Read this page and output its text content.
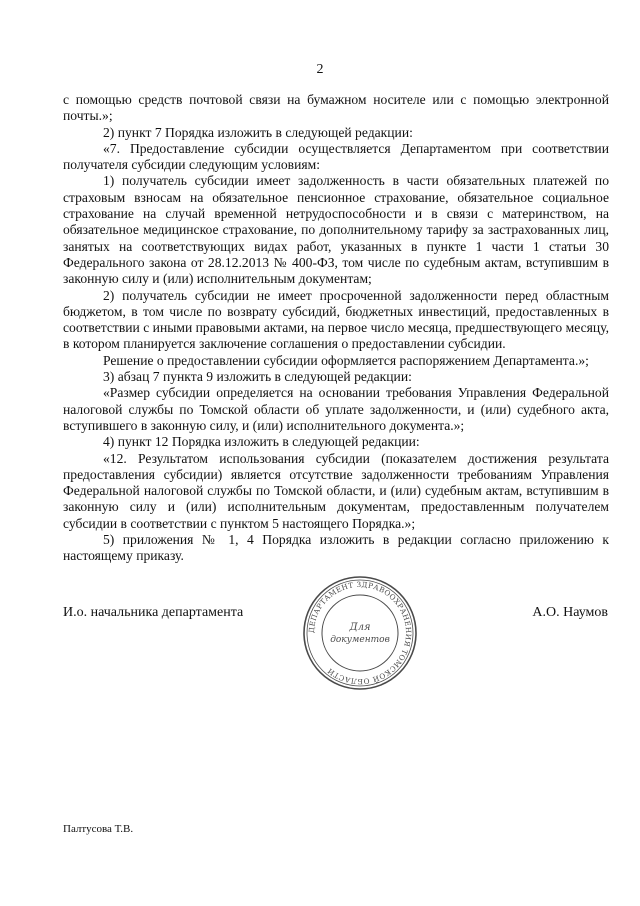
2

с помощью средств почтовой связи на бумажном носителе или с помощью электронной почты.»;

2) пункт 7 Порядка изложить в следующей редакции:

«7. Предоставление субсидии осуществляется Департаментом при соответствии получателя субсидии следующим условиям:

1) получатель субсидии имеет задолженность в части обязательных платежей по страховым взносам на обязательное пенсионное страхование, обязательное социальное страхование на случай временной нетрудоспособности и в связи с материнством, на обязательное медицинское страхование, по дополнительному тарифу за застрахованных лиц, занятых на соответствующих видах работ, указанных в пункте 1 части 1 статьи 30 Федерального закона от 28.12.2013 № 400-ФЗ, том числе по судебным актам, вступившим в законную силу и (или) исполнительным документам;

2) получатель субсидии не имеет просроченной задолженности перед областным бюджетом, в том числе по возврату субсидий, бюджетных инвестиций, предоставленных в соответствии с иными правовыми актами, на первое число месяца, предшествующего месяцу, в котором планируется заключение соглашения о предоставлении субсидии.

Решение о предоставлении субсидии оформляется распоряжением Департамента.»;

3) абзац 7 пункта 9 изложить в следующей редакции:

«Размер субсидии определяется на основании требования Управления Федеральной налоговой службы по Томской области об уплате задолженности, и (или) судебного акта, вступившего в законную силу, и (или) исполнительного документа.»;

4) пункт 12 Порядка изложить в следующей редакции:

«12. Результатом использования субсидии (показателем достижения результата предоставления субсидии) является отсутствие задолженности требованиям Управления Федеральной налоговой службы по Томской области, и (или) судебным актам, вступившим в законную силу и (или) исполнительным документам, предоставленным получателем субсидии в соответствии с пунктом 5 настоящего Порядка.»;

5) приложения № 1, 4 Порядка изложить в редакции согласно приложению к настоящему приказу.

И.о. начальника департамента
ДЕПАРТАМЕНТ ЗДРАВООХРАНЕНИЯ ТОМСКОЙ ОБЛАСТИ
Для
документов
А.О. Наумов
Палтусова Т.В.
